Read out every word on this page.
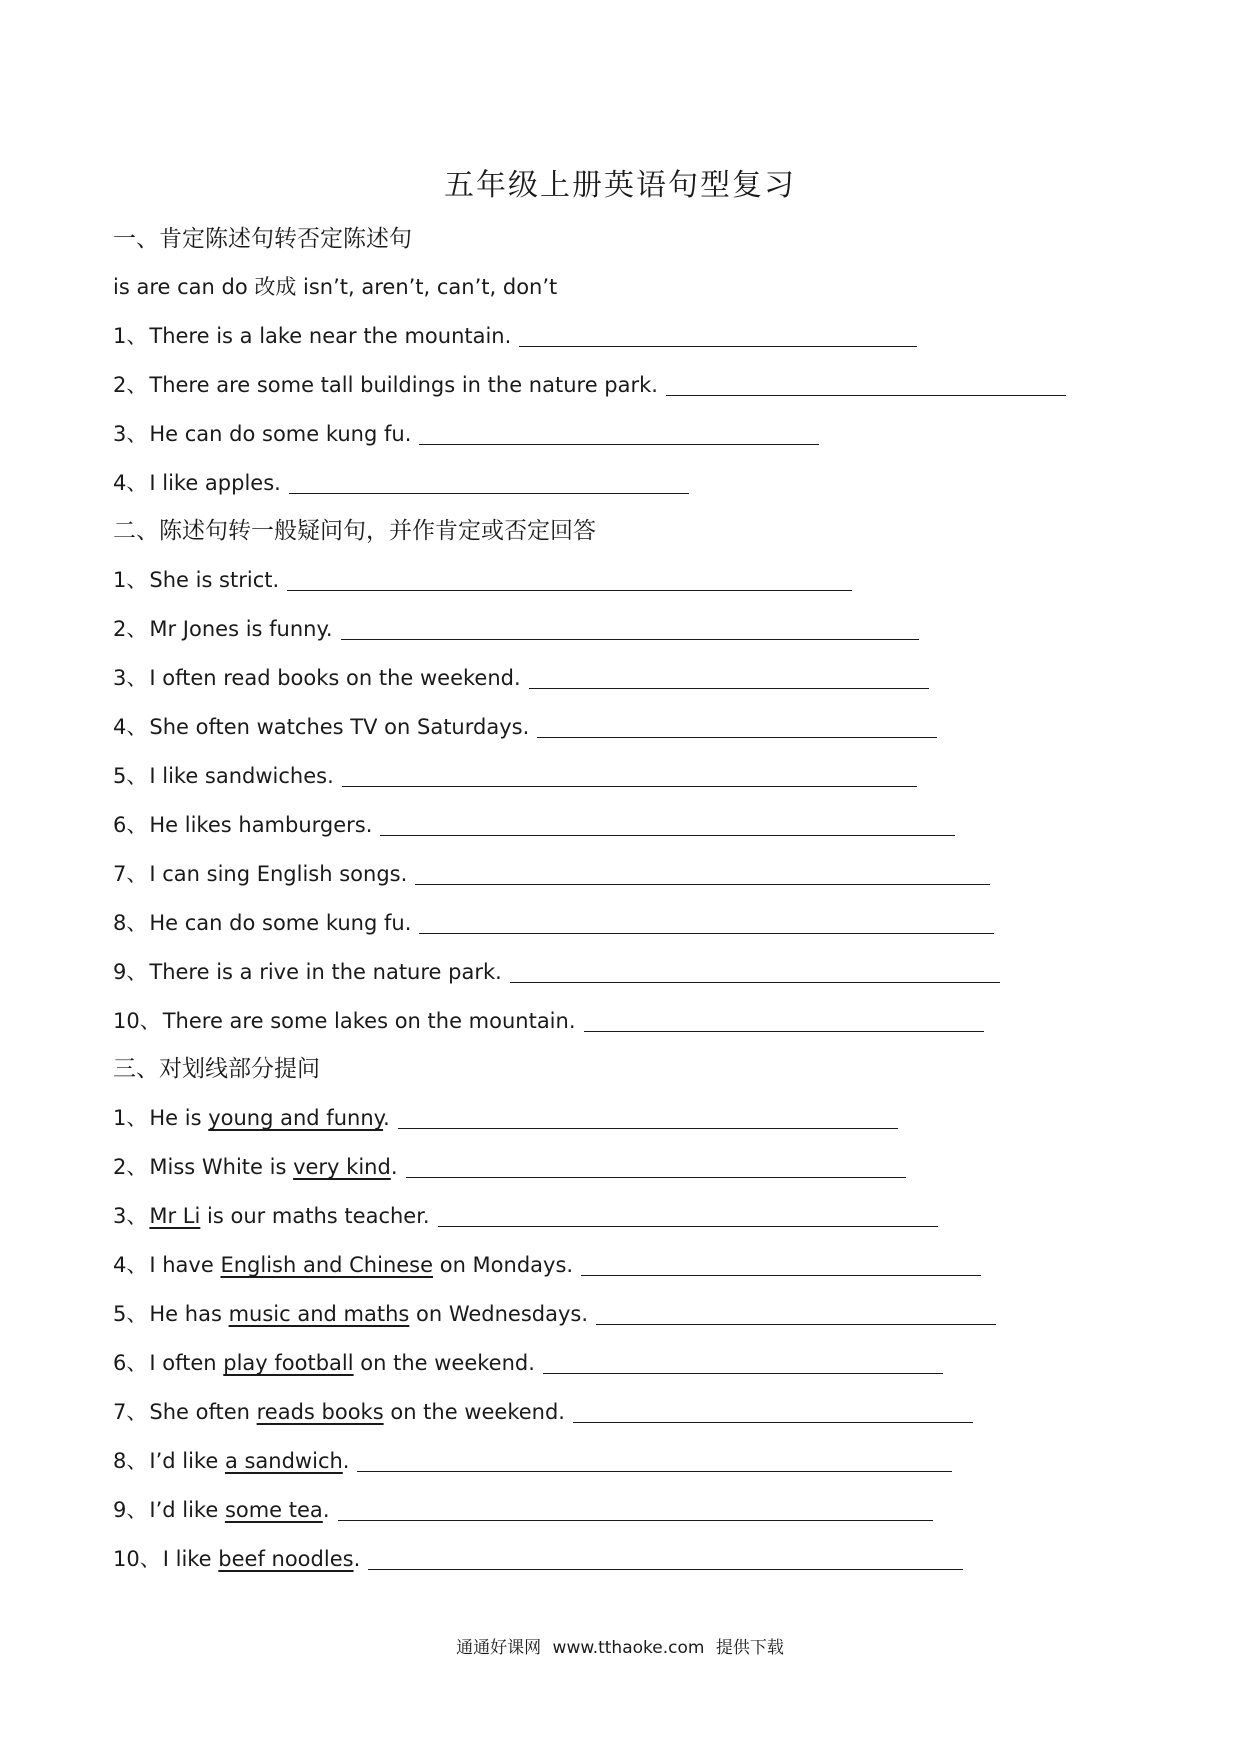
五年级上册英语句型复习
一、肯定陈述句转否定陈述句
is are can do 改成 isn’t, aren’t, can’t, don’t
1、 There is a lake near the mountain.
2、 There are some tall buildings in the nature park.
3、 He can do some kung fu.
4、 I like apples.
二、陈述句转一般疑问句，并作肯定或否定回答
1、 She is strict.
2、 Mr Jones is funny.
3、 I often read books on the weekend.
4、 She often watches TV on Saturdays.
5、 I like sandwiches.
6、 He likes hamburgers.
7、 I can sing English songs.
8、 He can do some kung fu.
9、 There is a rive in the nature park.
10、 There are some lakes on the mountain.
三、对划线部分提问
1、 He is young and funny.
2、 Miss White is very kind.
3、 Mr Li is our maths teacher.
4、 I have English and Chinese on Mondays.
5、 He has music and maths on Wednesdays.
6、 I often play football on the weekend.
7、 She often reads books on the weekend.
8、 I’d like a sandwich.
9、 I’d like some tea.
10、 I like beef noodles.
通通好课网 www.tthaoke.com 提供下载
